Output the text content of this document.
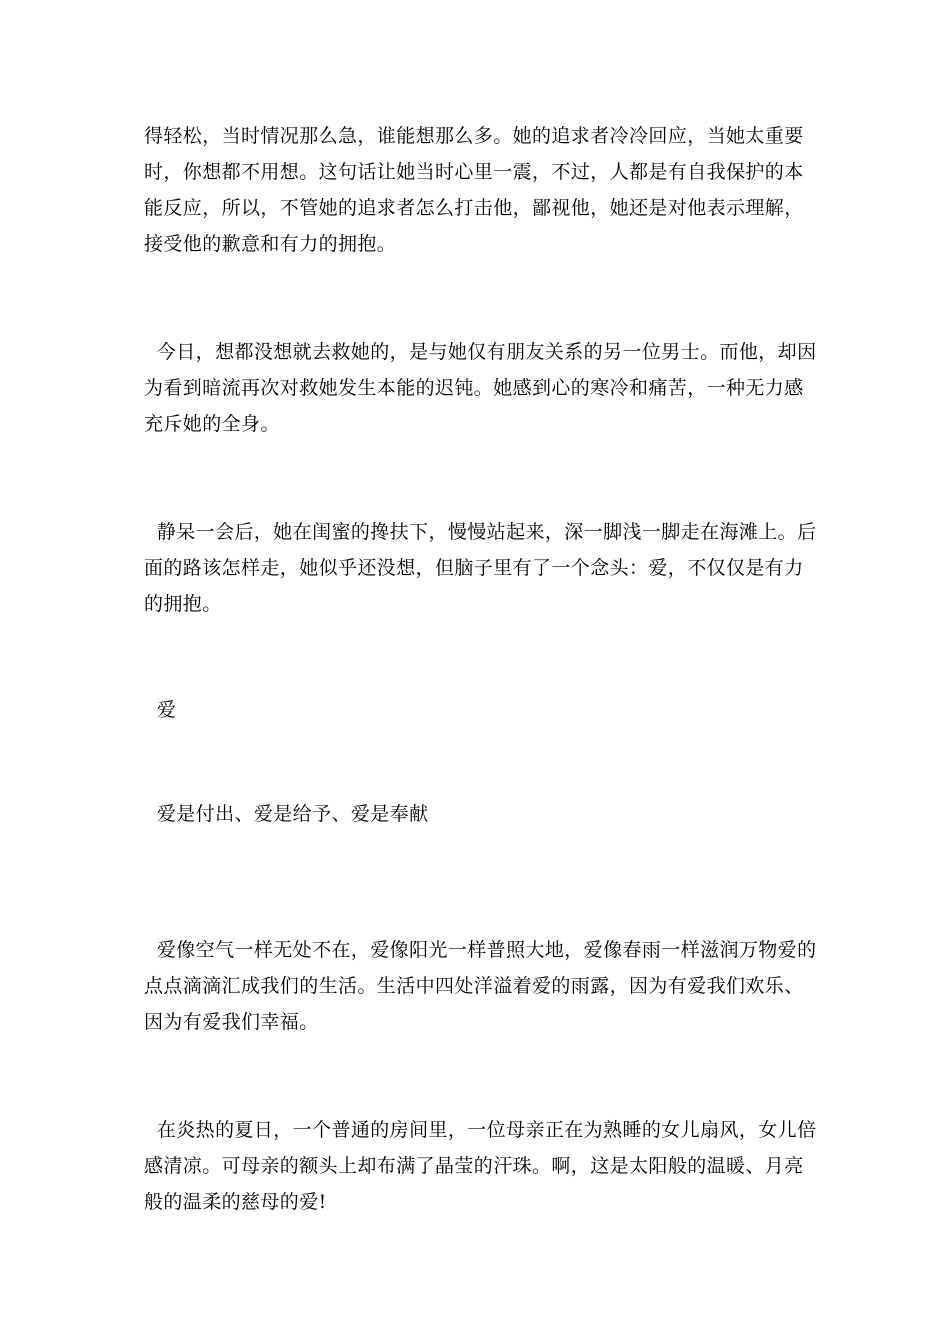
得轻松，当时情况那么急，谁能想那么多。她的追求者冷冷回应，当她太重要
时，你想都不用想。这句话让她当时心里一震，不过，人都是有自我保护的本
能反应，所以，不管她的追求者怎么打击他，鄙视他，她还是对他表示理解，
接受他的歉意和有力的拥抱。
今日，想都没想就去救她的，是与她仅有朋友关系的另一位男士。而他，却因
为看到暗流再次对救她发生本能的迟钝。她感到心的寒冷和痛苦，一种无力感
充斥她的全身。
静呆一会后，她在闺蜜的搀扶下，慢慢站起来，深一脚浅一脚走在海滩上。后
面的路该怎样走，她似乎还没想，但脑子里有了一个念头：爱，不仅仅是有力
的拥抱。
爱
爱是付出、爱是给予、爱是奉献
爱像空气一样无处不在，爱像阳光一样普照大地，爱像春雨一样滋润万物爱的
点点滴滴汇成我们的生活。生活中四处洋溢着爱的雨露，因为有爱我们欢乐、
因为有爱我们幸福。
在炎热的夏日，一个普通的房间里，一位母亲正在为熟睡的女儿扇风，女儿倍
感清凉。可母亲的额头上却布满了晶莹的汗珠。啊，这是太阳般的温暖、月亮
般的温柔的慈母的爱!
